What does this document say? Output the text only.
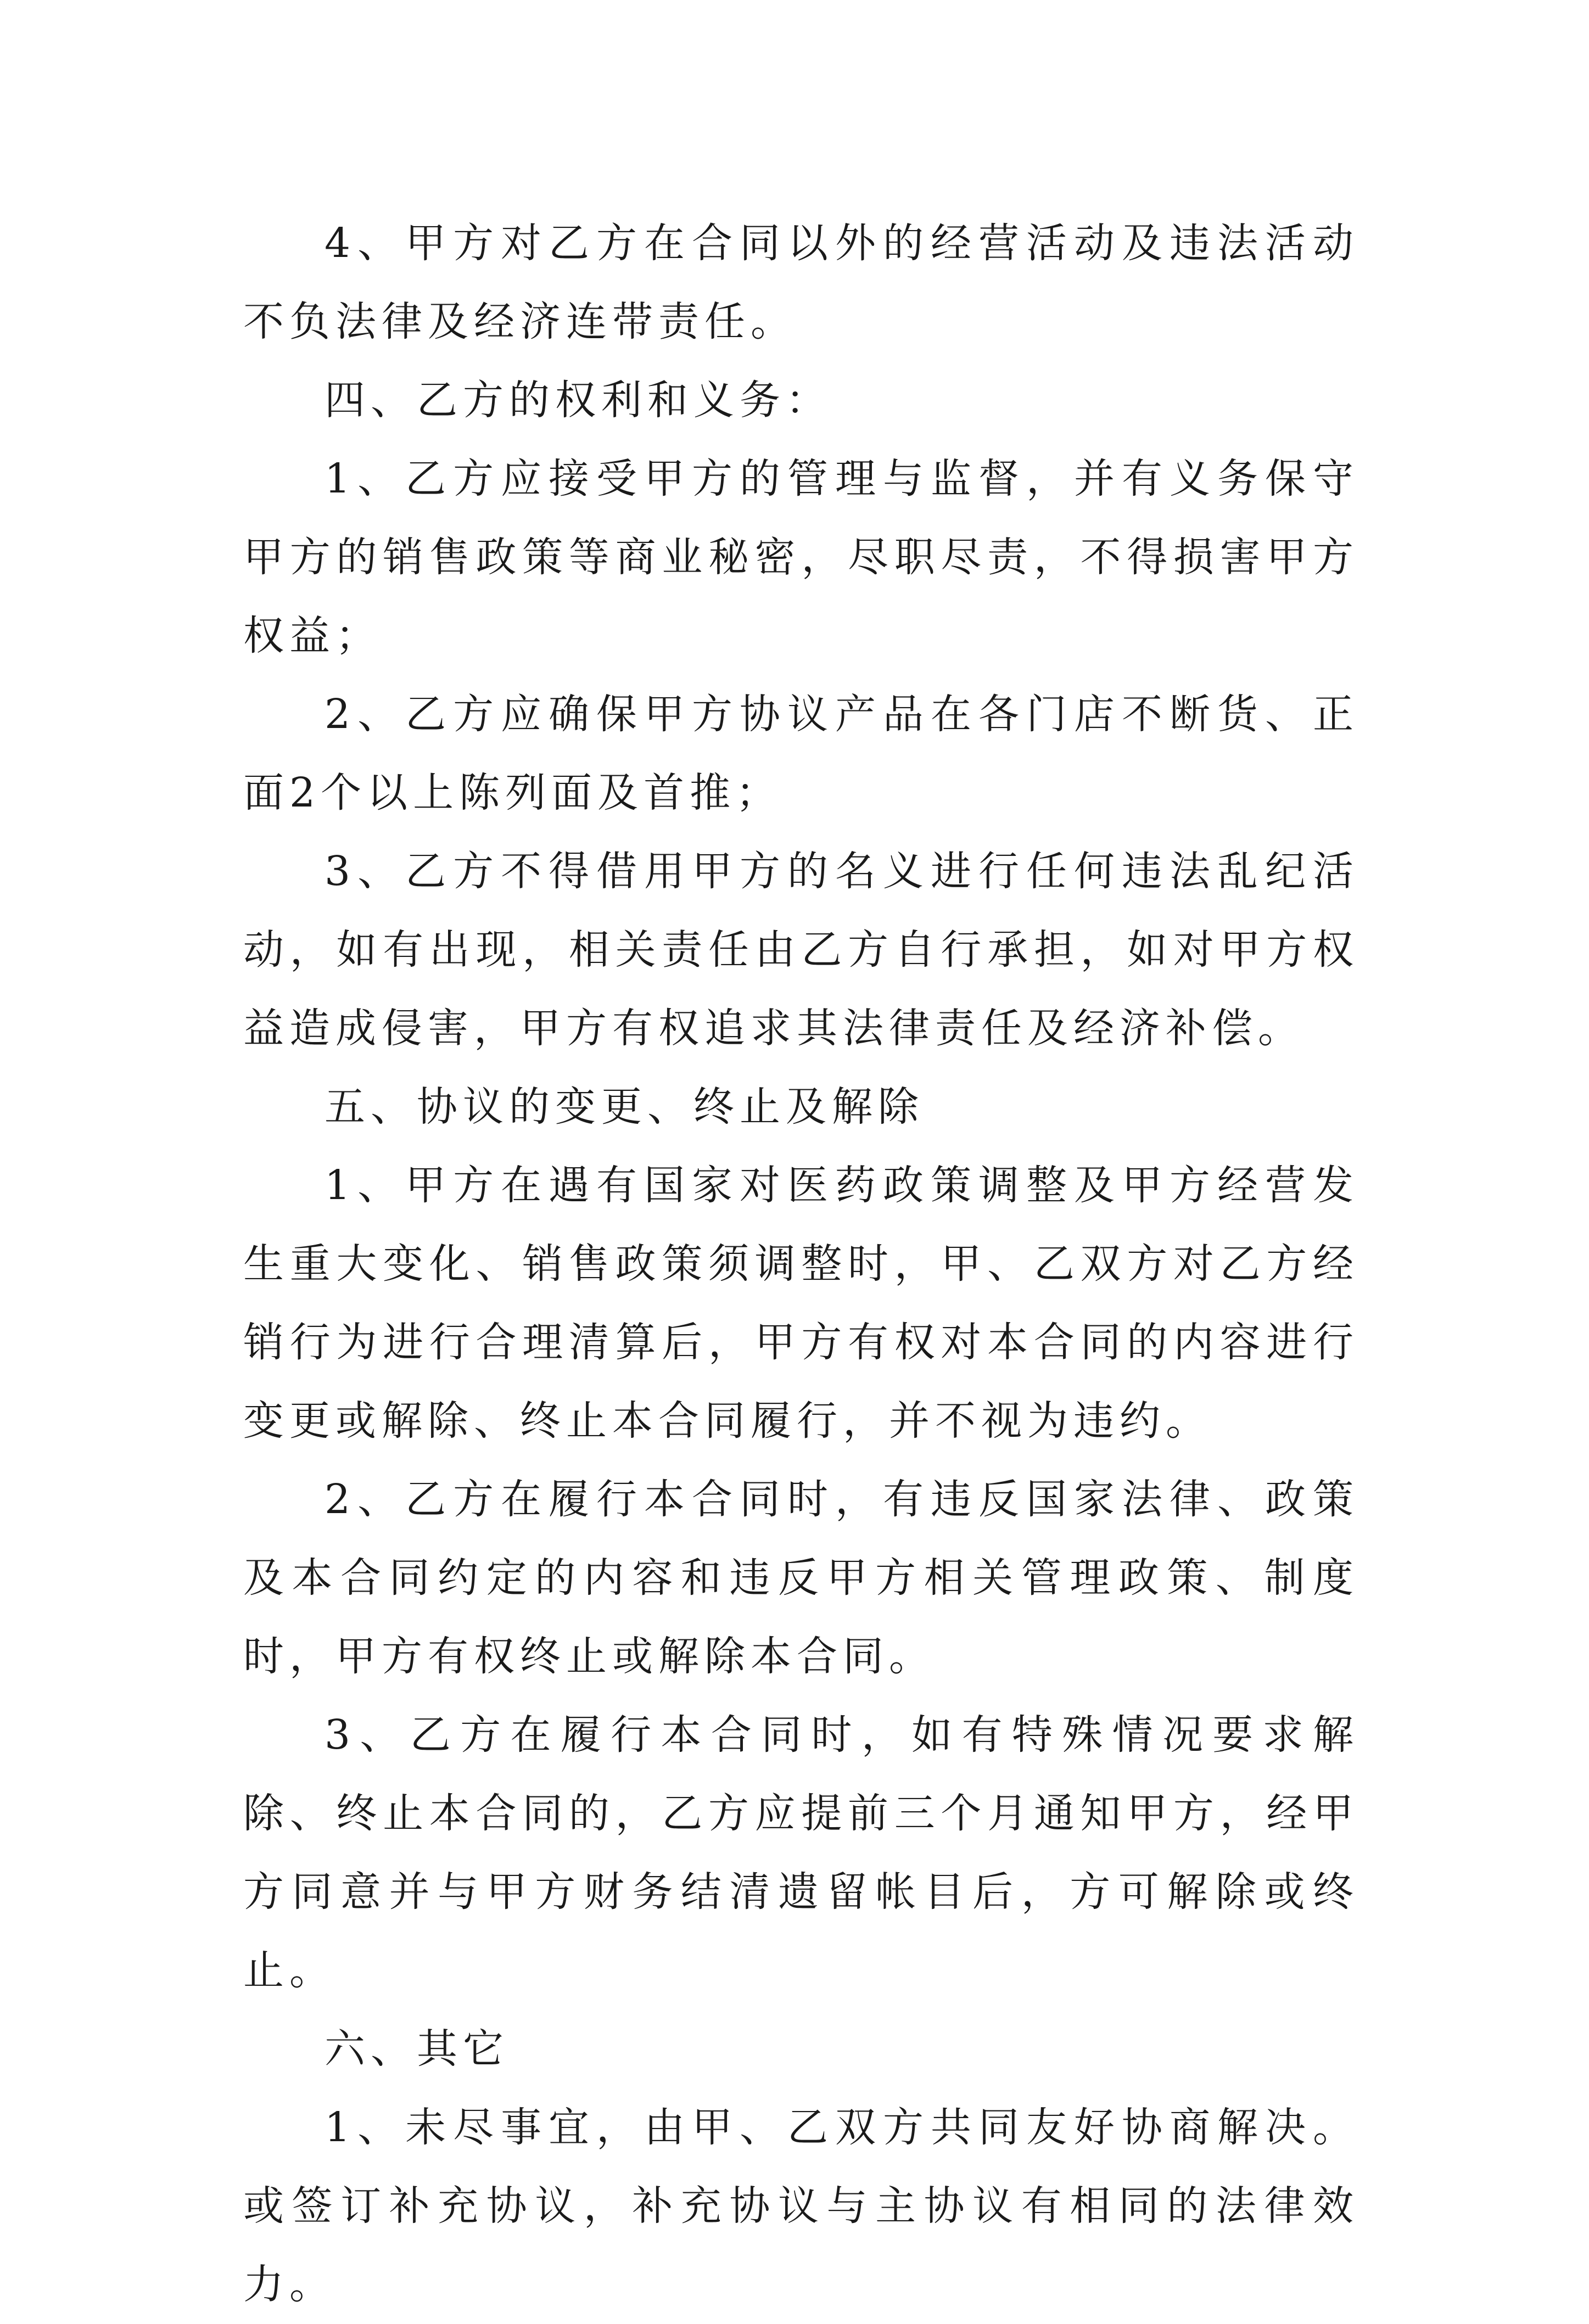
4、甲方对乙方在合同以外的经营活动及违法活动不负法律及经济连带责任。

四、乙方的权利和义务：

1、乙方应接受甲方的管理与监督，并有义务保守甲方的销售政策等商业秘密，尽职尽责，不得损害甲方权益；

2、乙方应确保甲方协议产品在各门店不断货、正面2个以上陈列面及首推；

3、乙方不得借用甲方的名义进行任何违法乱纪活动，如有出现，相关责任由乙方自行承担，如对甲方权益造成侵害，甲方有权追求其法律责任及经济补偿。

五、协议的变更、终止及解除

1、甲方在遇有国家对医药政策调整及甲方经营发生重大变化、销售政策须调整时，甲、乙双方对乙方经销行为进行合理清算后，甲方有权对本合同的内容进行变更或解除、终止本合同履行，并不视为违约。

2、乙方在履行本合同时，有违反国家法律、政策及本合同约定的内容和违反甲方相关管理政策、制度时，甲方有权终止或解除本合同。

3、乙方在履行本合同时，如有特殊情况要求解除、终止本合同的，乙方应提前三个月通知甲方，经甲方同意并与甲方财务结清遗留帐目后，方可解除或终止。

六、其它

1、未尽事宜，由甲、乙双方共同友好协商解决。或签订补充协议，补充协议与主协议有相同的法律效力。
